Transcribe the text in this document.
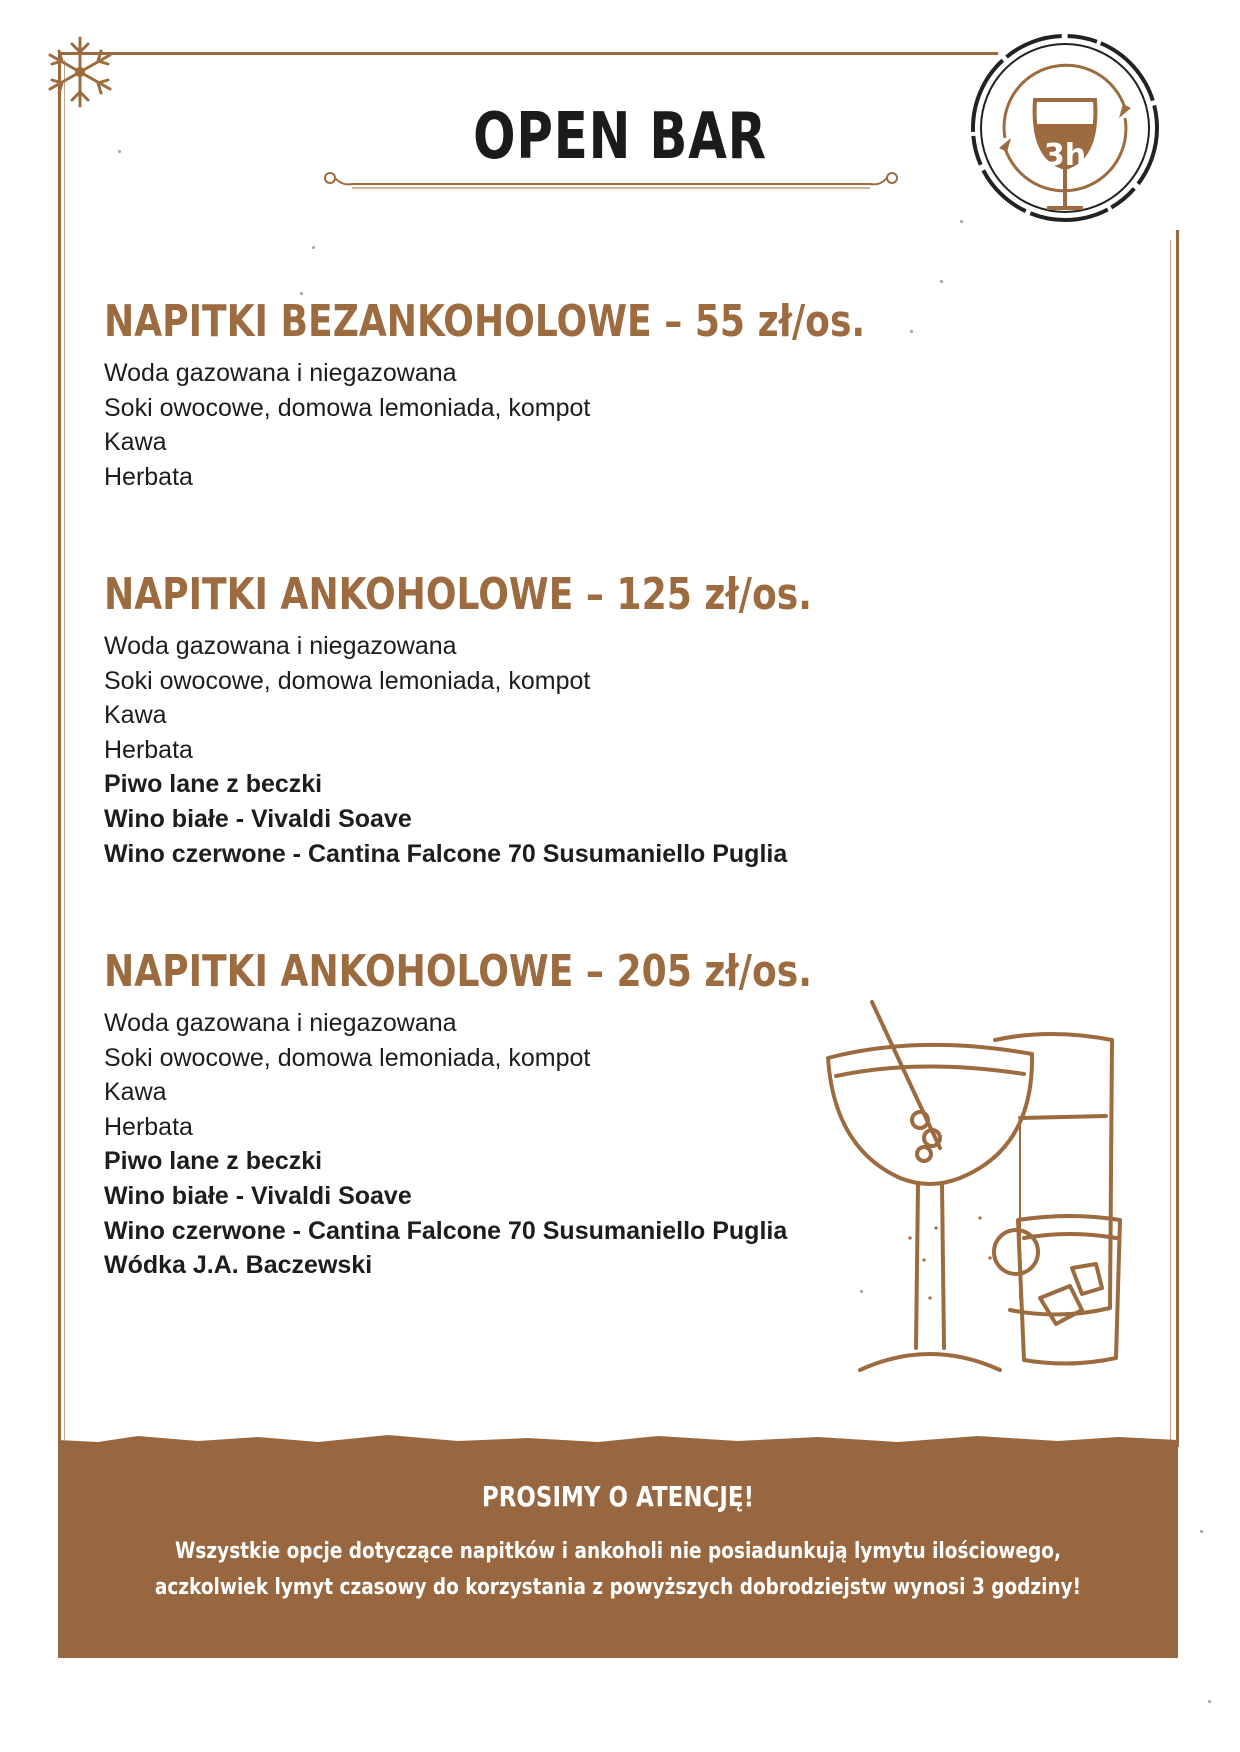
3h
OPEN BAR
NAPITKI BEZANKOHOLOWE – 55 zł/os.
Woda gazowana i niegazowana
Soki owocowe, domowa lemoniada, kompot
Kawa
Herbata
NAPITKI ANKOHOLOWE – 125 zł/os.
Woda gazowana i niegazowana
Soki owocowe, domowa lemoniada, kompot
Kawa
Herbata
Piwo lane z beczki
Wino białe - Vivaldi Soave
Wino czerwone - Cantina Falcone 70 Susumaniello Puglia
NAPITKI ANKOHOLOWE – 205 zł/os.
Woda gazowana i niegazowana
Soki owocowe, domowa lemoniada, kompot
Kawa
Herbata
Piwo lane z beczki
Wino białe - Vivaldi Soave
Wino czerwone - Cantina Falcone 70 Susumaniello Puglia
Wódka J.A. Baczewski
PROSIMY O ATENCJĘ!
Wszystkie opcje dotyczące napitków i ankoholi nie posiadunkują lymytu ilościowego,
aczkolwiek lymyt czasowy do korzystania z powyższych dobrodziejstw wynosi 3 godziny!
